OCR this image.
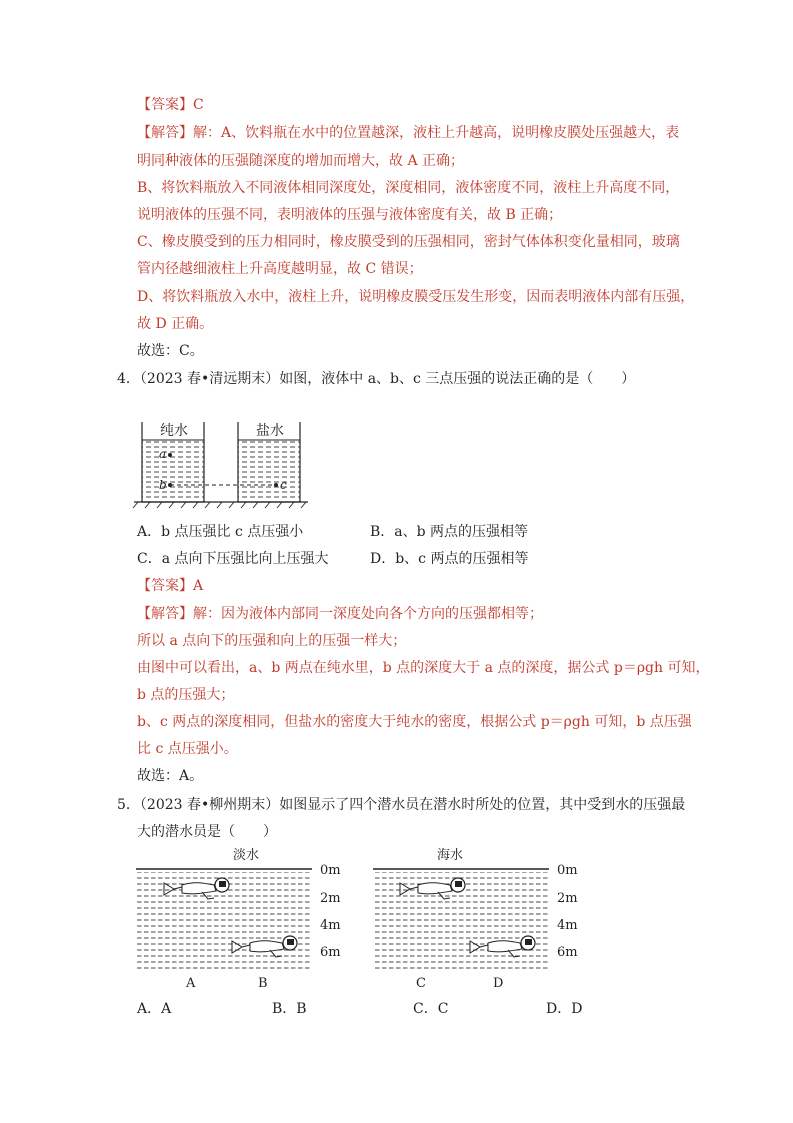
【答案】C
【解答】解：A、饮料瓶在水中的位置越深，液柱上升越高，说明橡皮膜处压强越大，表
明同种液体的压强随深度的增加而增大，故 A 正确；
B、将饮料瓶放入不同液体相同深度处，深度相同，液体密度不同，液柱上升高度不同，
说明液体的压强不同，表明液体的压强与液体密度有关，故 B 正确；
C、橡皮膜受到的压力相同时，橡皮膜受到的压强相同，密封气体体积变化量相同，玻璃
管内径越细液柱上升高度越明显，故 C 错误；
D、将饮料瓶放入水中，液柱上升，说明橡皮膜受压发生形变，因而表明液体内部有压强，
故 D 正确。
故选：C。
4．（2023 春•清远期末）如图，液体中 a、b、c 三点压强的说法正确的是（　　）
a
b	c
纯水	盐水
A．b 点压强比 c 点压强小	B．a、b 两点的压强相等
C．a 点向下压强比向上压强大	D．b、c 两点的压强相等
【答案】A
【解答】解：因为液体内部同一深度处向各个方向的压强都相等；
所以 a 点向下的压强和向上的压强一样大；
由图中可以看出，a、b 两点在纯水里，b 点的深度大于 a 点的深度，据公式 p＝ρgh 可知，
b 点的压强大；
b、c 两点的深度相同，但盐水的密度大于纯水的密度，根据公式 p＝ρgh 可知，b 点压强
比 c 点压强小。
故选：A。
5．（2023 春•柳州期末）如图显示了四个潜水员在潜水时所处的位置，其中受到水的压强最
大的潜水员是（　　）
淡水
0m
2m
4m
6m
A	B
海水
0m
2m
4m
6m
C	D
A．A	B．B	C．C	D．D
